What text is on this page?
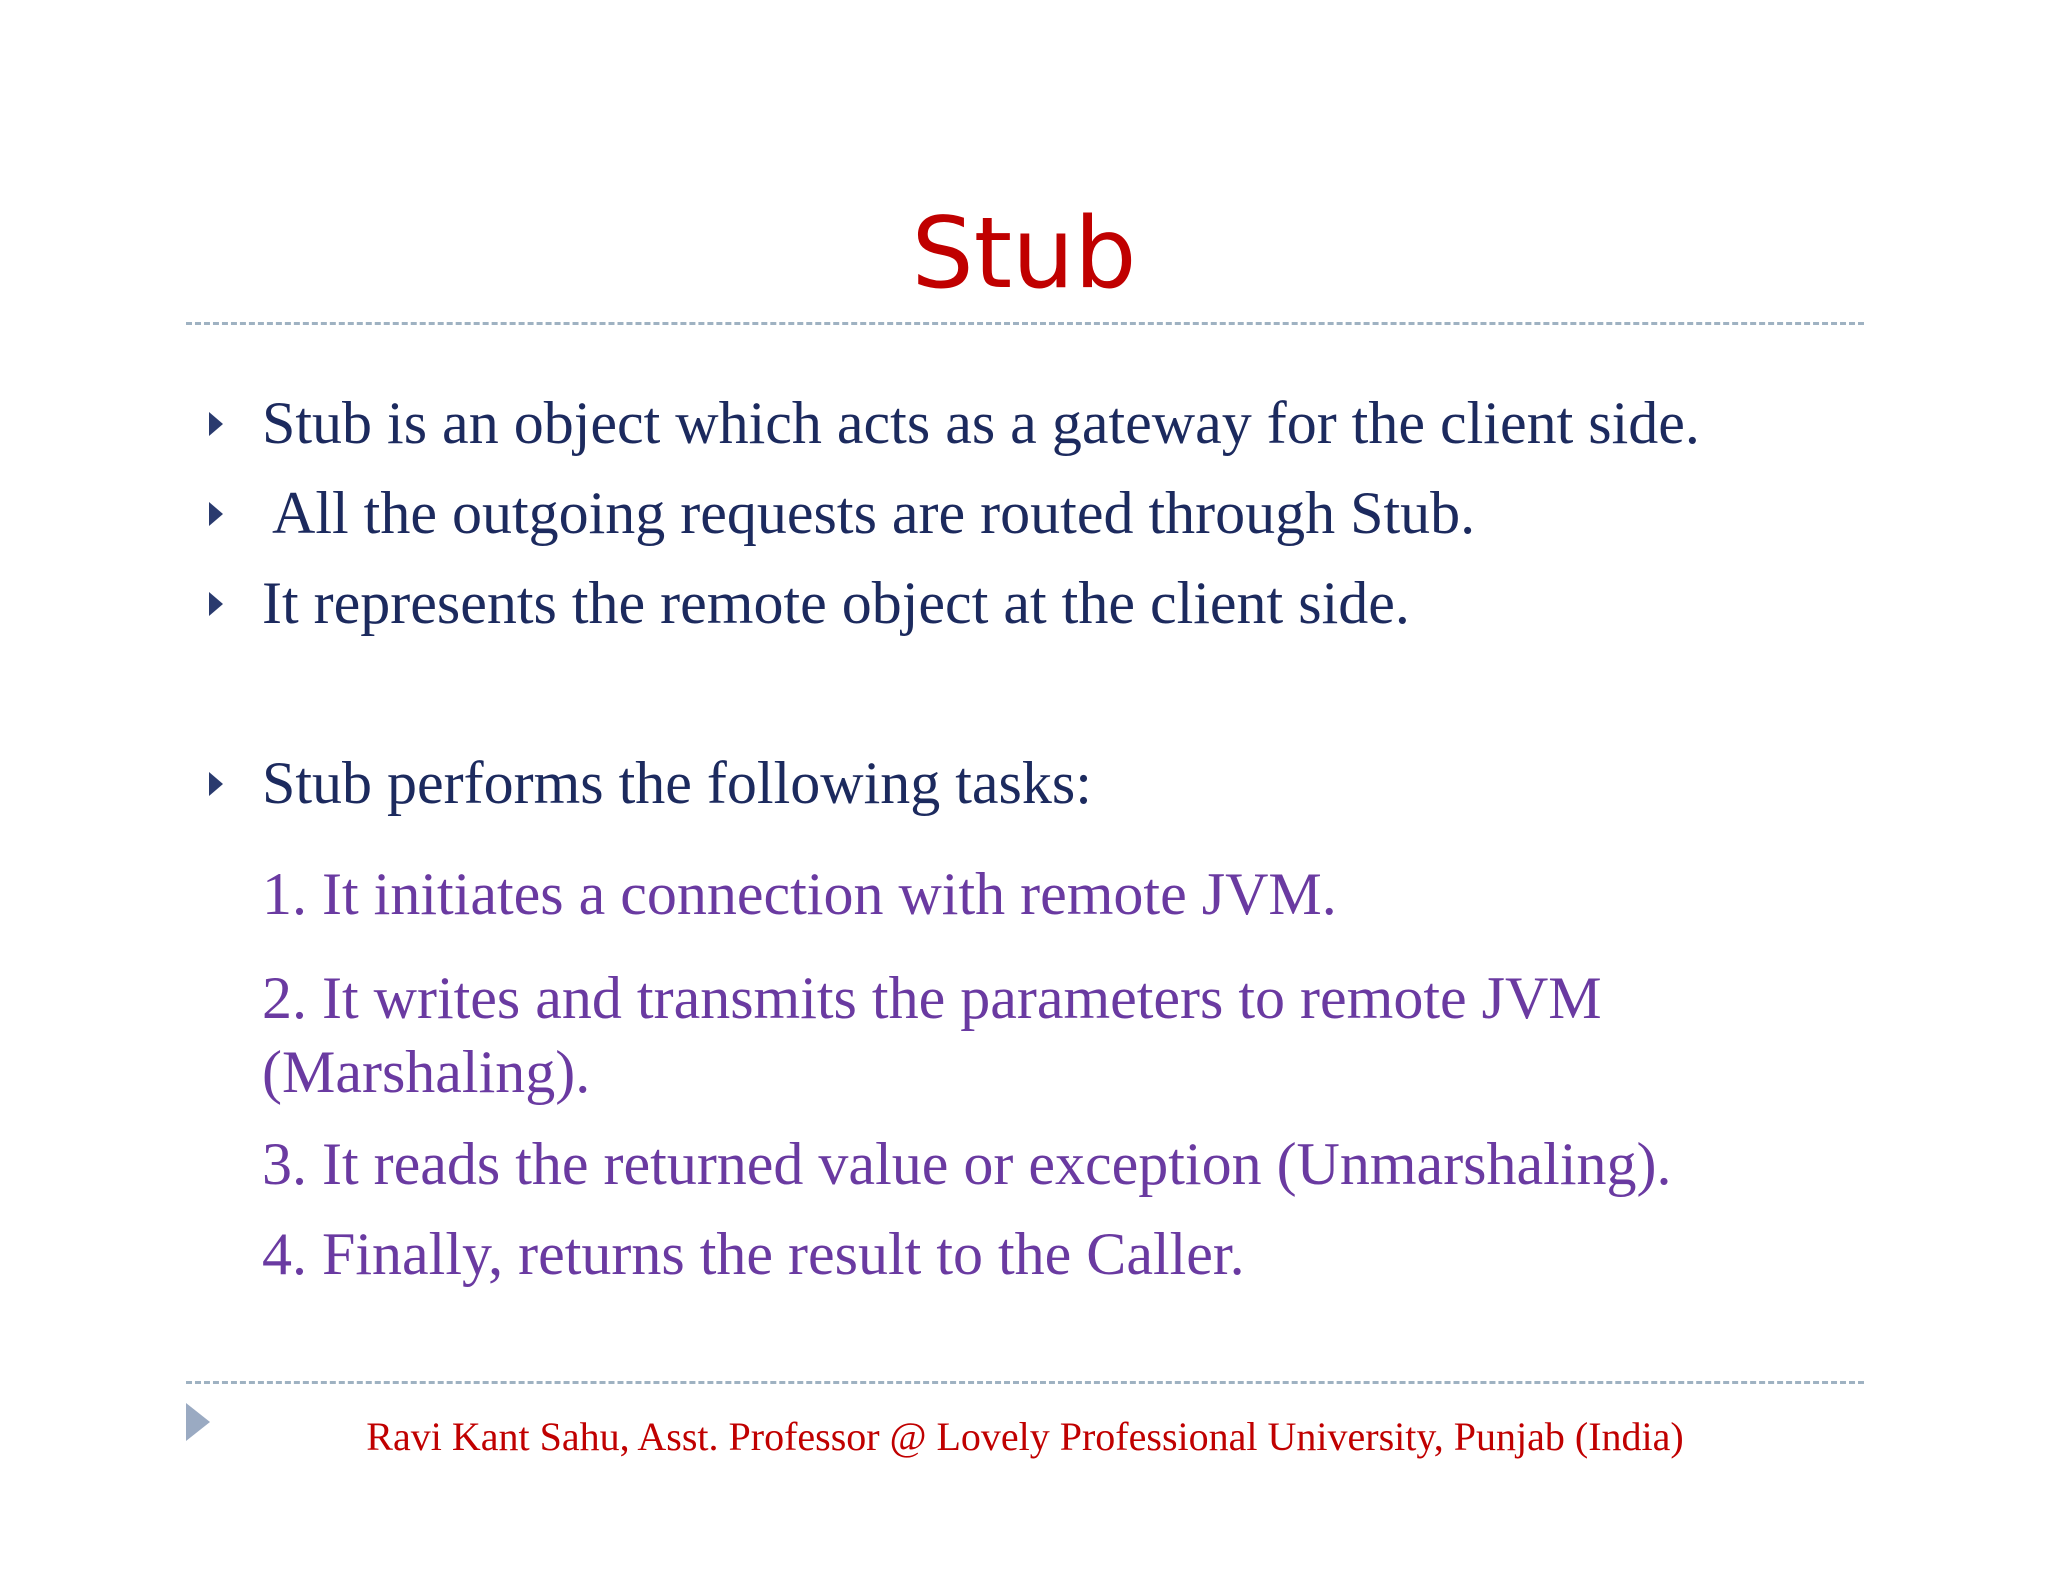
Stub
Stub is an object which acts as a gateway for the client side.
All the outgoing requests are routed through Stub.
It represents the remote object at the client side.
Stub performs the following tasks:
1. It initiates a connection with remote JVM.
2. It writes and transmits the parameters to remote JVM
(Marshaling).
3. It reads the returned value or exception (Unmarshaling).
4. Finally, returns the result to the Caller.
Ravi Kant Sahu, Asst. Professor @ Lovely Professional University, Punjab (India)
